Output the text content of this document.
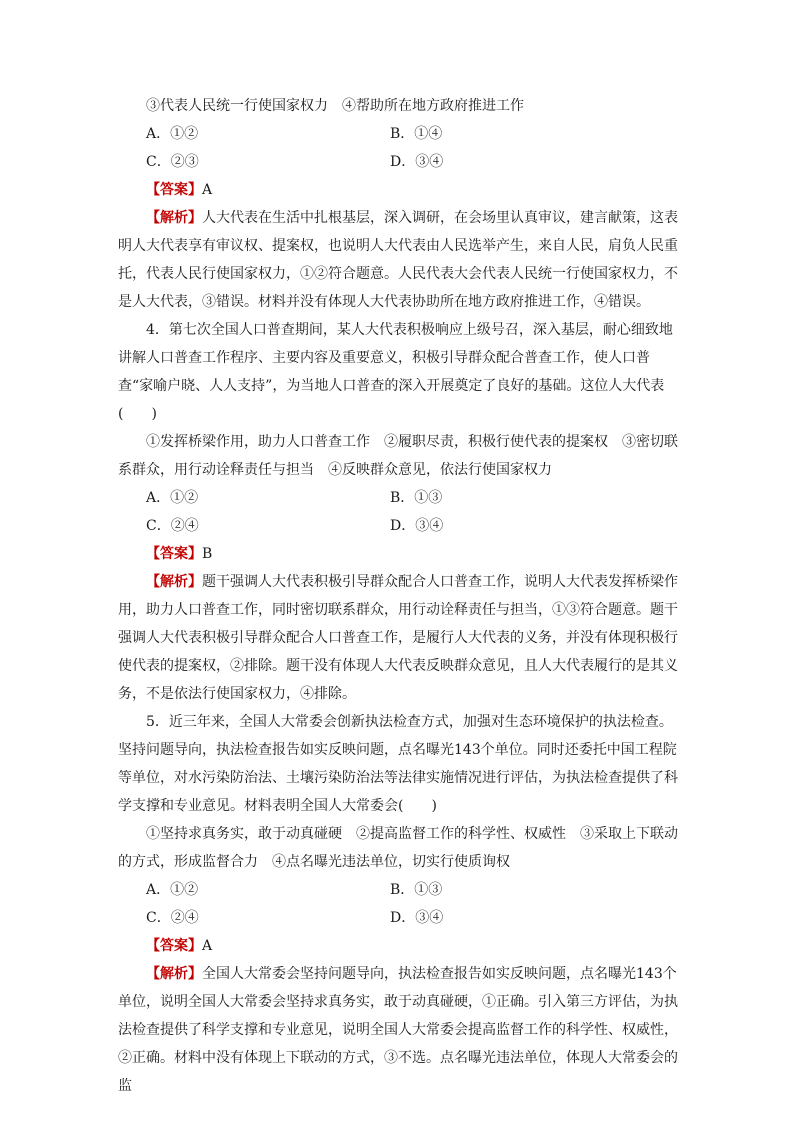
③代表人民统一行使国家权力　④帮助所在地方政府推进工作

A．①②	B．①④
C．②③	D．③④

【答案】A

【解析】人大代表在生活中扎根基层，深入调研，在会场里认真审议，建言献策，这表明人大代表享有审议权、提案权，也说明人大代表由人民选举产生，来自人民，肩负人民重托，代表人民行使国家权力，①②符合题意。人民代表大会代表人民统一行使国家权力，不是人大代表，③错误。材料并没有体现人大代表协助所在地方政府推进工作，④错误。

4．第七次全国人口普查期间，某人大代表积极响应上级号召，深入基层，耐心细致地讲解人口普查工作程序、主要内容及重要意义，积极引导群众配合普查工作，使人口普查“家喻户晓、人人支持”，为当地人口普查的深入开展奠定了良好的基础。这位人大代表(　　)

①发挥桥梁作用，助力人口普查工作　②履职尽责，积极行使代表的提案权　③密切联系群众，用行动诠释责任与担当　④反映群众意见，依法行使国家权力

A．①②	B．①③
C．②④	D．③④

【答案】B

【解析】题干强调人大代表积极引导群众配合人口普查工作，说明人大代表发挥桥梁作用，助力人口普查工作，同时密切联系群众，用行动诠释责任与担当，①③符合题意。题干强调人大代表积极引导群众配合人口普查工作，是履行人大代表的义务，并没有体现积极行使代表的提案权，②排除。题干没有体现人大代表反映群众意见，且人大代表履行的是其义务，不是依法行使国家权力，④排除。

5．近三年来，全国人大常委会创新执法检查方式，加强对生态环境保护的执法检查。坚持问题导向，执法检查报告如实反映问题，点名曝光143个单位。同时还委托中国工程院等单位，对水污染防治法、土壤污染防治法等法律实施情况进行评估，为执法检查提供了科学支撑和专业意见。材料表明全国人大常委会(　　)

①坚持求真务实，敢于动真碰硬　②提高监督工作的科学性、权威性　③采取上下联动的方式，形成监督合力　④点名曝光违法单位，切实行使质询权

A．①②	B．①③
C．②④	D．③④

【答案】A

【解析】全国人大常委会坚持问题导向，执法检查报告如实反映问题，点名曝光143个单位，说明全国人大常委会坚持求真务实，敢于动真碰硬，①正确。引入第三方评估，为执法检查提供了科学支撑和专业意见，说明全国人大常委会提高监督工作的科学性、权威性，②正确。材料中没有体现上下联动的方式，③不选。点名曝光违法单位，体现人大常委会的监
